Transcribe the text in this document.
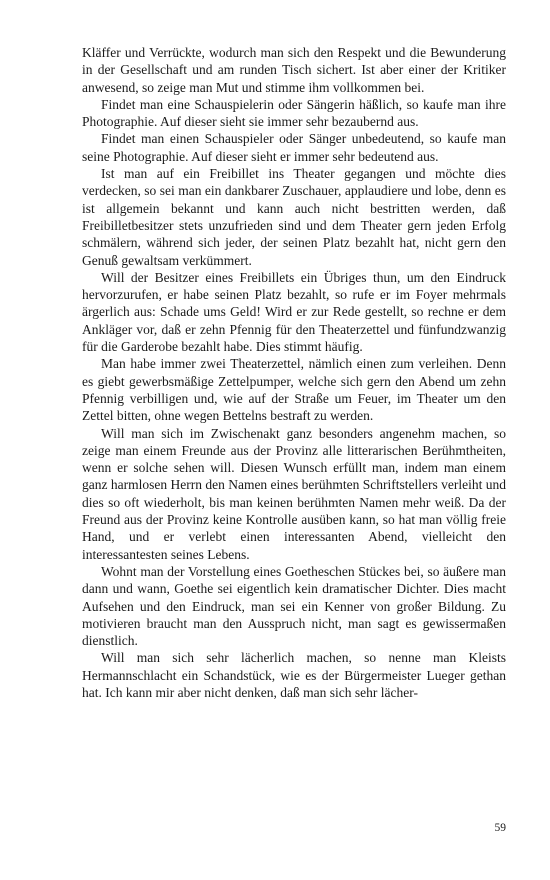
Kläffer und Verrückte, wodurch man sich den Respekt und die Bewunderung in der Gesellschaft und am runden Tisch sichert. Ist aber einer der Kritiker anwesend, so zeige man Mut und stimme ihm vollkommen bei.

Findet man eine Schauspielerin oder Sängerin häßlich, so kaufe man ihre Photographie. Auf dieser sieht sie immer sehr bezaubernd aus.

Findet man einen Schauspieler oder Sänger unbedeutend, so kaufe man seine Photographie. Auf dieser sieht er immer sehr bedeutend aus.

Ist man auf ein Freibillet ins Theater gegangen und möchte dies verdecken, so sei man ein dankbarer Zuschauer, applaudiere und lobe, denn es ist allgemein bekannt und kann auch nicht bestritten werden, daß Freibilletbesitzer stets unzufrieden sind und dem Theater gern jeden Erfolg schmälern, während sich jeder, der seinen Platz bezahlt hat, nicht gern den Genuß gewaltsam verkümmert.

Will der Besitzer eines Freibillets ein Übriges thun, um den Eindruck hervorzurufen, er habe seinen Platz bezahlt, so rufe er im Foyer mehrmals ärgerlich aus: Schade ums Geld! Wird er zur Rede gestellt, so rechne er dem Ankläger vor, daß er zehn Pfennig für den Theaterzettel und fünfundzwanzig für die Garderobe bezahlt habe. Dies stimmt häufig.

Man habe immer zwei Theaterzettel, nämlich einen zum verleihen. Denn es giebt gewerbsmäßige Zettelpumper, welche sich gern den Abend um zehn Pfennig verbilligen und, wie auf der Straße um Feuer, im Theater um den Zettel bitten, ohne wegen Bettelns bestraft zu werden.

Will man sich im Zwischenakt ganz besonders angenehm machen, so zeige man einem Freunde aus der Provinz alle litterarischen Berühmtheiten, wenn er solche sehen will. Diesen Wunsch erfüllt man, indem man einem ganz harmlosen Herrn den Namen eines berühmten Schriftstellers verleiht und dies so oft wiederholt, bis man keinen berühmten Namen mehr weiß. Da der Freund aus der Provinz keine Kontrolle ausüben kann, so hat man völlig freie Hand, und er verlebt einen interessanten Abend, vielleicht den interessantesten seines Lebens.

Wohnt man der Vorstellung eines Goetheschen Stückes bei, so äußere man dann und wann, Goethe sei eigentlich kein dramatischer Dichter. Dies macht Aufsehen und den Eindruck, man sei ein Kenner von großer Bildung. Zu motivieren braucht man den Ausspruch nicht, man sagt es gewissermaßen dienstlich.

Will man sich sehr lächerlich machen, so nenne man Kleists Hermannschlacht ein Schandstück, wie es der Bürgermeister Lueger gethan hat. Ich kann mir aber nicht denken, daß man sich sehr lächer-

59
